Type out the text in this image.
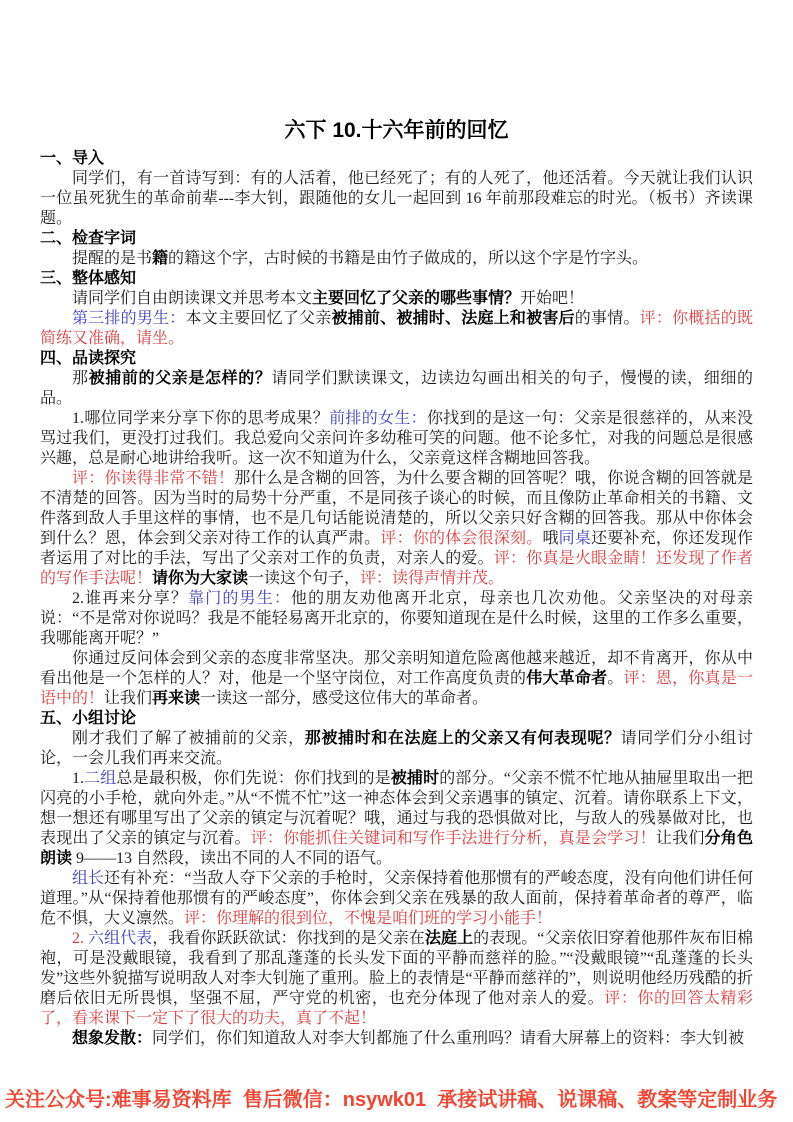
六下 10.十六年前的回忆
一、导入

同学们，有一首诗写到：有的人活着，他已经死了；有的人死了，他还活着。今天就让我们认识一位虽死犹生的革命前辈---李大钊，跟随他的女儿一起回到 16 年前那段难忘的时光。（板书）齐读课题。

二、检查字词

提醒的是书籍的籍这个字，古时候的书籍是由竹子做成的，所以这个字是竹字头。

三、整体感知

请同学们自由朗读课文并思考本文主要回忆了父亲的哪些事情？开始吧！

第三排的男生：本文主要回忆了父亲被捕前、被捕时、法庭上和被害后的事情。评：你概括的既简练又准确，请坐。

四、品读探究

那被捕前的父亲是怎样的？请同学们默读课文，边读边勾画出相关的句子，慢慢的读，细细的品。

1.哪位同学来分享下你的思考成果？前排的女生：你找到的是这一句：父亲是很慈祥的，从来没骂过我们，更没打过我们。我总爱向父亲问许多幼稚可笑的问题。他不论多忙，对我的问题总是很感兴趣，总是耐心地讲给我听。这一次不知道为什么，父亲竟这样含糊地回答我。

评：你读得非常不错！那什么是含糊的回答，为什么要含糊的回答呢？哦，你说含糊的回答就是不清楚的回答。因为当时的局势十分严重，不是同孩子谈心的时候，而且像防止革命相关的书籍、文件落到敌人手里这样的事情，也不是几句话能说清楚的，所以父亲只好含糊的回答我。那从中你体会到什么？恩，体会到父亲对待工作的认真严肃。评：你的体会很深刻。哦同桌还要补充，你还发现作者运用了对比的手法，写出了父亲对工作的负责，对亲人的爱。评：你真是火眼金睛！还发现了作者的写作手法呢！请你为大家读一读这个句子，评：读得声情并茂。

2.谁再来分享？靠门的男生：他的朋友劝他离开北京，母亲也几次劝他。父亲坚决的对母亲说：“不是常对你说吗？我是不能轻易离开北京的，你要知道现在是什么时候，这里的工作多么重要，我哪能离开呢？”

你通过反问体会到父亲的态度非常坚决。那父亲明知道危险离他越来越近，却不肯离开，你从中看出他是一个怎样的人？对，他是一个坚守岗位，对工作高度负责的伟大革命者。评：恩，你真是一语中的！让我们再来读一读这一部分，感受这位伟大的革命者。

五、小组讨论

刚才我们了解了被捕前的父亲，那被捕时和在法庭上的父亲又有何表现呢？请同学们分小组讨论，一会儿我们再来交流。

1.二组总是最积极，你们先说：你们找到的是被捕时的部分。“父亲不慌不忙地从抽屉里取出一把闪亮的小手枪，就向外走。”从“不慌不忙”这一神态体会到父亲遇事的镇定、沉着。请你联系上下文，想一想还有哪里写出了父亲的镇定与沉着呢？哦，通过与我的恐惧做对比，与敌人的残暴做对比，也表现出了父亲的镇定与沉着。评：你能抓住关键词和写作手法进行分析，真是会学习！让我们分角色朗读 9——13 自然段，读出不同的人不同的语气。

组长还有补充：“当敌人夺下父亲的手枪时，父亲保持着他那惯有的严峻态度，没有向他们讲任何道理。”从“保持着他那惯有的严峻态度”，你体会到父亲在残暴的敌人面前，保持着革命者的尊严，临危不惧，大义凛然。评：你理解的很到位，不愧是咱们班的学习小能手！

2. 六组代表，我看你跃跃欲试：你找到的是父亲在法庭上的表现。“父亲依旧穿着他那件灰布旧棉袍，可是没戴眼镜，我看到了那乱蓬蓬的长头发下面的平静而慈祥的脸。”“没戴眼镜”“乱蓬蓬的长头发”这些外貌描写说明敌人对李大钊施了重刑。脸上的表情是“平静而慈祥的”，则说明他经历残酷的折磨后依旧无所畏惧，坚强不屈，严守党的机密，也充分体现了他对亲人的爱。评：你的回答太精彩了，看来课下一定下了很大的功夫，真了不起！

想象发散：同学们，你们知道敌人对李大钊都施了什么重刑吗？请看大屏幕上的资料：李大钊被

关注公众号:难事易资料库  售后微信：nsywk01  承接试讲稿、说课稿、教案等定制业务
